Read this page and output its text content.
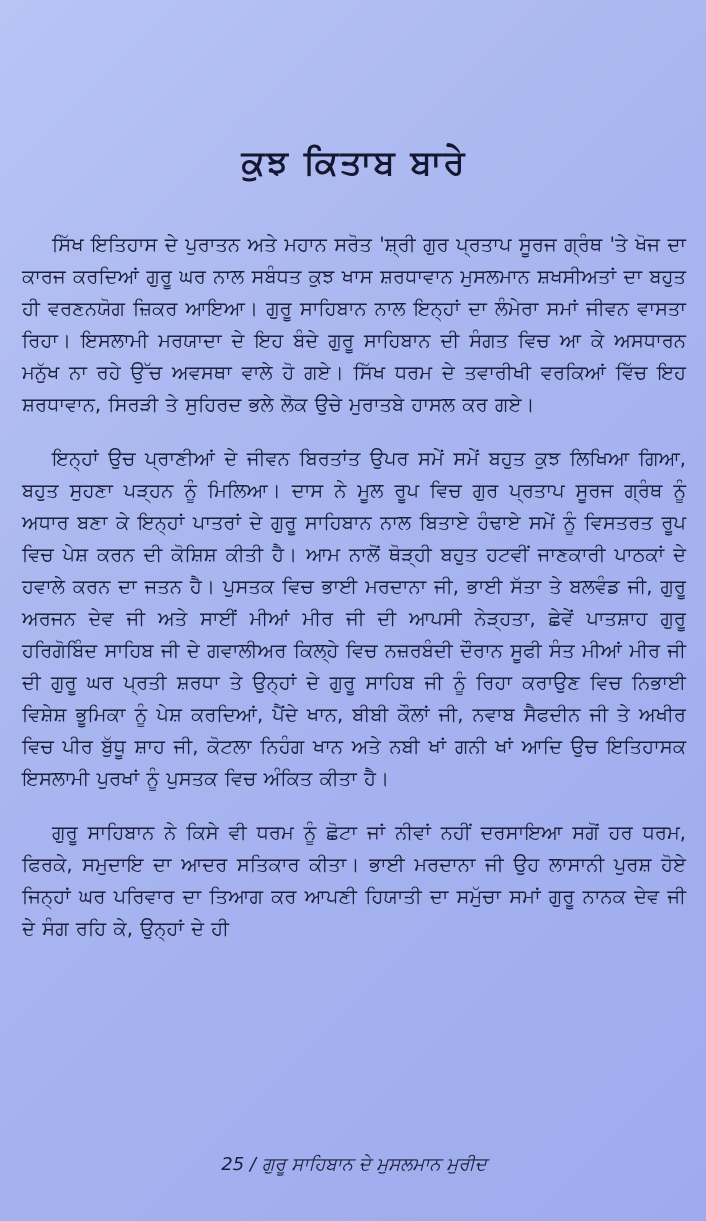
ਕੁਝ ਕਿਤਾਬ ਬਾਰੇ

ਸਿੱਖ ਇਤਿਹਾਸ ਦੇ ਪੁਰਾਤਨ ਅਤੇ ਮਹਾਨ ਸਰੋਤ 'ਸ਼੍ਰੀ ਗੁਰ ਪ੍ਰਤਾਪ ਸੂਰਜ ਗ੍ਰੰਥ 'ਤੇ ਖੋਜ ਦਾ ਕਾਰਜ ਕਰਦਿਆਂ ਗੁਰੂ ਘਰ ਨਾਲ ਸਬੰਧਤ ਕੁਝ ਖਾਸ ਸ਼ਰਧਾਵਾਨ ਮੁਸਲਮਾਨ ਸ਼ਖਸੀਅਤਾਂ ਦਾ ਬਹੁਤ ਹੀ ਵਰਣਨਯੋਗ ਜ਼ਿਕਰ ਆਇਆ। ਗੁਰੂ ਸਾਹਿਬਾਨ ਨਾਲ ਇਨ੍ਹਾਂ ਦਾ ਲੰਮੇਰਾ ਸਮਾਂ ਜੀਵਨ ਵਾਸਤਾ ਰਿਹਾ। ਇਸਲਾਮੀ ਮਰਯਾਦਾ ਦੇ ਇਹ ਬੰਦੇ ਗੁਰੂ ਸਾਹਿਬਾਨ ਦੀ ਸੰਗਤ ਵਿਚ ਆ ਕੇ ਅਸਧਾਰਨ ਮਨੁੱਖ ਨਾ ਰਹੇ ਉੱਚ ਅਵਸਥਾ ਵਾਲੇ ਹੋ ਗਏ। ਸਿੱਖ ਧਰਮ ਦੇ ਤਵਾਰੀਖੀ ਵਰਕਿਆਂ ਵਿੱਚ ਇਹ ਸ਼ਰਧਾਵਾਨ, ਸਿਰੜੀ ਤੇ ਸੁਹਿਰਦ ਭਲੇ ਲੋਕ ਉਚੇ ਮੁਰਾਤਬੇ ਹਾਸਲ ਕਰ ਗਏ।

ਇਨ੍ਹਾਂ ਉਚ ਪ੍ਰਾਣੀਆਂ ਦੇ ਜੀਵਨ ਬਿਰਤਾਂਤ ਉਪਰ ਸਮੇਂ ਸਮੇਂ ਬਹੁਤ ਕੁਝ ਲਿਖਿਆ ਗਿਆ, ਬਹੁਤ ਸੁਹਣਾ ਪੜ੍ਹਨ ਨੂੰ ਮਿਲਿਆ। ਦਾਸ ਨੇ ਮੂਲ ਰੂਪ ਵਿਚ ਗੁਰ ਪ੍ਰਤਾਪ ਸੂਰਜ ਗ੍ਰੰਥ ਨੂੰ ਅਧਾਰ ਬਣਾ ਕੇ ਇਨ੍ਹਾਂ ਪਾਤਰਾਂ ਦੇ ਗੁਰੂ ਸਾਹਿਬਾਨ ਨਾਲ ਬਿਤਾਏ ਹੰਢਾਏ ਸਮੇਂ ਨੂੰ ਵਿਸਤਰਤ ਰੂਪ ਵਿਚ ਪੇਸ਼ ਕਰਨ ਦੀ ਕੋਸ਼ਿਸ਼ ਕੀਤੀ ਹੈ। ਆਮ ਨਾਲੋਂ ਥੋੜ੍ਹੀ ਬਹੁਤ ਹਟਵੀਂ ਜਾਣਕਾਰੀ ਪਾਠਕਾਂ ਦੇ ਹਵਾਲੇ ਕਰਨ ਦਾ ਜਤਨ ਹੈ। ਪੁਸਤਕ ਵਿਚ ਭਾਈ ਮਰਦਾਨਾ ਜੀ, ਭਾਈ ਸੱਤਾ ਤੇ ਬਲਵੰਡ ਜੀ, ਗੁਰੂ ਅਰਜਨ ਦੇਵ ਜੀ ਅਤੇ ਸਾਈਂ ਮੀਆਂ ਮੀਰ ਜੀ ਦੀ ਆਪਸੀ ਨੇੜ੍ਹਤਾ, ਛੇਵੇਂ ਪਾਤਸ਼ਾਹ ਗੁਰੂ ਹਰਿਗੋਬਿੰਦ ਸਾਹਿਬ ਜੀ ਦੇ ਗਵਾਲੀਅਰ ਕਿਲ੍ਹੇ ਵਿਚ ਨਜ਼ਰਬੰਦੀ ਦੌਰਾਨ ਸੂਫੀ ਸੰਤ ਮੀਆਂ ਮੀਰ ਜੀ ਦੀ ਗੁਰੂ ਘਰ ਪ੍ਰਤੀ ਸ਼ਰਧਾ ਤੇ ਉਨ੍ਹਾਂ ਦੇ ਗੁਰੂ ਸਾਹਿਬ ਜੀ ਨੂੰ ਰਿਹਾ ਕਰਾਉਣ ਵਿਚ ਨਿਭਾਈ ਵਿਸ਼ੇਸ਼ ਭੂਮਿਕਾ ਨੂੰ ਪੇਸ਼ ਕਰਦਿਆਂ, ਪੈਂਦੇ ਖਾਨ, ਬੀਬੀ ਕੌਲਾਂ ਜੀ, ਨਵਾਬ ਸੈਫਦੀਨ ਜੀ ਤੇ ਅਖੀਰ ਵਿਚ ਪੀਰ ਬੁੱਧੂ ਸ਼ਾਹ ਜੀ, ਕੋਟਲਾ ਨਿਹੰਗ ਖਾਨ ਅਤੇ ਨਬੀ ਖਾਂ ਗਨੀ ਖਾਂ ਆਦਿ ਉਚ ਇਤਿਹਾਸਕ ਇਸਲਾਮੀ ਪੁਰਖਾਂ ਨੂੰ ਪੁਸਤਕ ਵਿਚ ਅੰਕਿਤ ਕੀਤਾ ਹੈ।

ਗੁਰੂ ਸਾਹਿਬਾਨ ਨੇ ਕਿਸੇ ਵੀ ਧਰਮ ਨੂੰ ਛੋਟਾ ਜਾਂ ਨੀਵਾਂ ਨਹੀਂ ਦਰਸਾਇਆ ਸਗੋਂ ਹਰ ਧਰਮ, ਫਿਰਕੇ, ਸਮੁਦਾਇ ਦਾ ਆਦਰ ਸਤਿਕਾਰ ਕੀਤਾ। ਭਾਈ ਮਰਦਾਨਾ ਜੀ ਉਹ ਲਾਸਾਨੀ ਪੁਰਸ਼ ਹੋਏ ਜਿਨ੍ਹਾਂ ਘਰ ਪਰਿਵਾਰ ਦਾ ਤਿਆਗ ਕਰ ਆਪਣੀ ਹਿਯਾਤੀ ਦਾ ਸਮੁੱਚਾ ਸਮਾਂ ਗੁਰੂ ਨਾਨਕ ਦੇਵ ਜੀ ਦੇ ਸੰਗ ਰਹਿ ਕੇ, ਉਨ੍ਹਾਂ ਦੇ ਹੀ

25 / ਗੁਰੂ ਸਾਹਿਬਾਨ ਦੇ ਮੁਸਲਮਾਨ ਮੁਰੀਦ
